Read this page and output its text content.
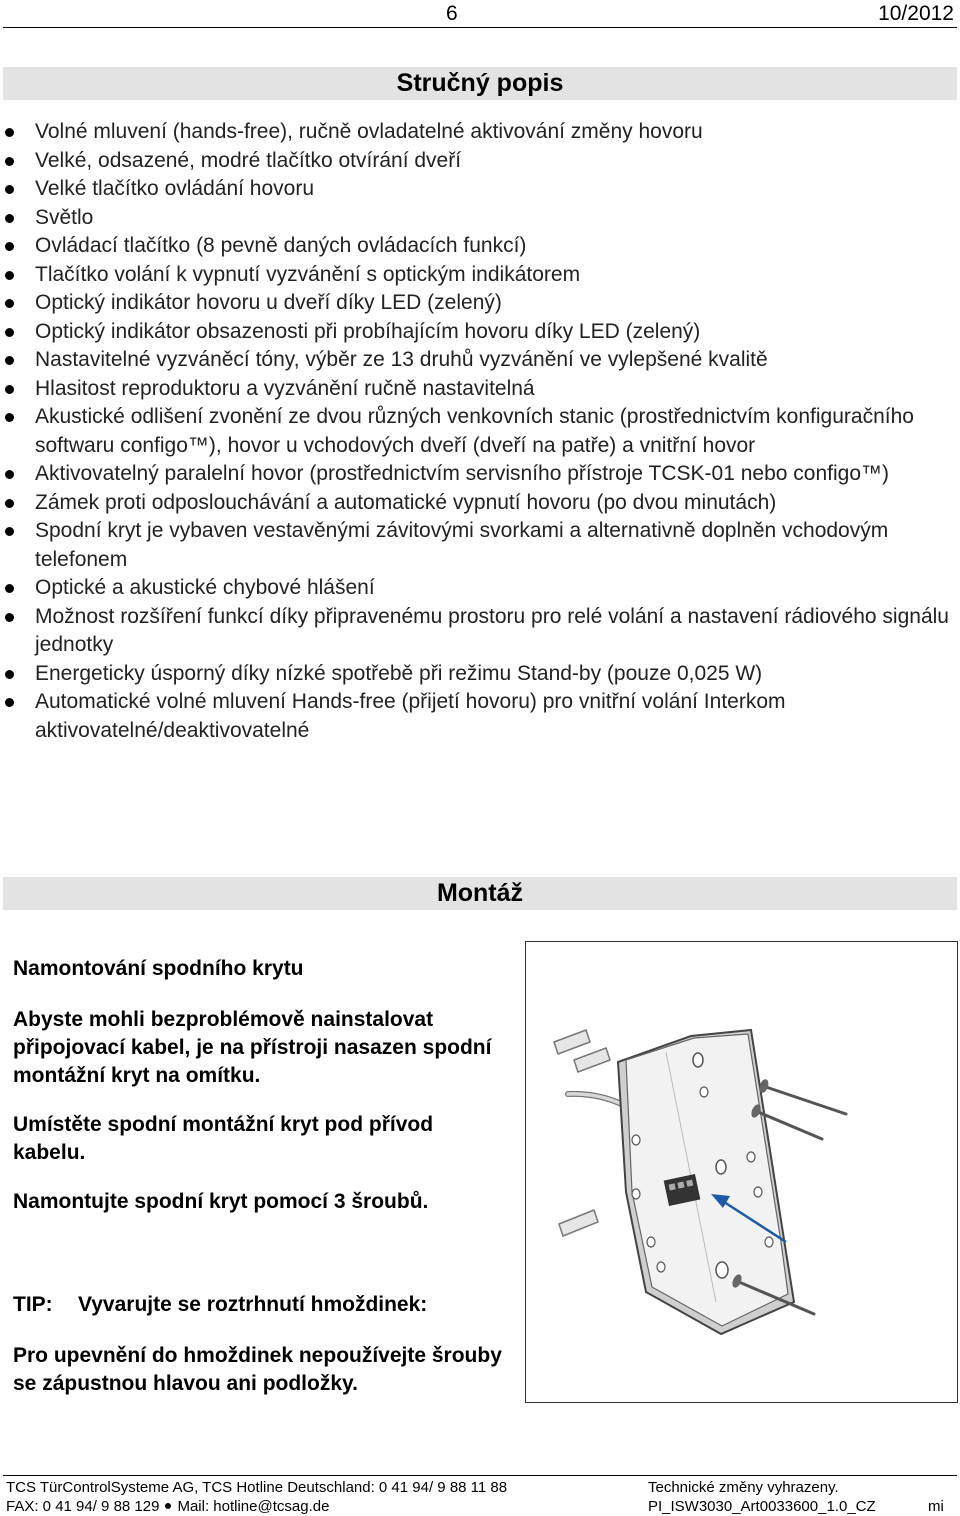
6	10/2012
Stručný popis
Volné mluvení (hands-free), ručně ovladatelné aktivování změny hovoru
Velké, odsazené, modré tlačítko otvírání dveří
Velké tlačítko ovládání hovoru
Světlo
Ovládací tlačítko (8 pevně daných ovládacích funkcí)
Tlačítko volání k vypnutí vyzvánění s optickým indikátorem
Optický indikátor hovoru u dveří díky LED (zelený)
Optický indikátor obsazenosti při probíhajícím hovoru díky LED (zelený)
Nastavitelné vyzváněcí tóny, výběr ze 13 druhů vyzvánění ve vylepšené kvalitě
Hlasitost reproduktoru a vyzvánění ručně nastavitelná
Akustické odlišení zvonění ze dvou různých venkovních stanic (prostřednictvím konfiguračního softwaru configo™), hovor u vchodových dveří (dveří na patře) a vnitřní hovor
Aktivovatelný paralelní hovor (prostřednictvím servisního přístroje TCSK-01 nebo configo™)
Zámek proti odposlouchávání a automatické vypnutí hovoru (po dvou minutách)
Spodní kryt je vybaven vestavěnými závitovými svorkami a alternativně doplněn vchodovým telefonem
Optické a akustické chybové hlášení
Možnost rozšíření funkcí díky připravenému prostoru pro relé volání a nastavení rádiového signálu jednotky
Energeticky úsporný díky nízké spotřebě při režimu Stand-by (pouze 0,025 W)
Automatické volné mluvení Hands-free (přijetí hovoru) pro vnitřní volání Interkom aktivovatelné/deaktivovatelné
Montáž

Namontování spodního krytu

Abyste mohli bezproblémově nainstalovat připojovací kabel, je na přístroji nasazen spodní montážní kryt na omítku.

Umístěte spodní montážní kryt pod přívod kabelu.

Namontujte spodní kryt pomocí 3 šroubů.

TIP: Vyvarujte se roztrhnutí hmoždinek:

Pro upevnění do hmoždinek nepoužívejte šrouby se zápustnou hlavou ani podložky.

TCS TürControlSysteme AG, TCS Hotline Deutschland: 0 41 94/ 9 88 11 88
FAX: 0 41 94/ 9 88 129 Mail: hotline@tcsag.de
Technické změny vyhrazeny.
PI_ISW3030_Art0033600_1.0_CZ	mi
